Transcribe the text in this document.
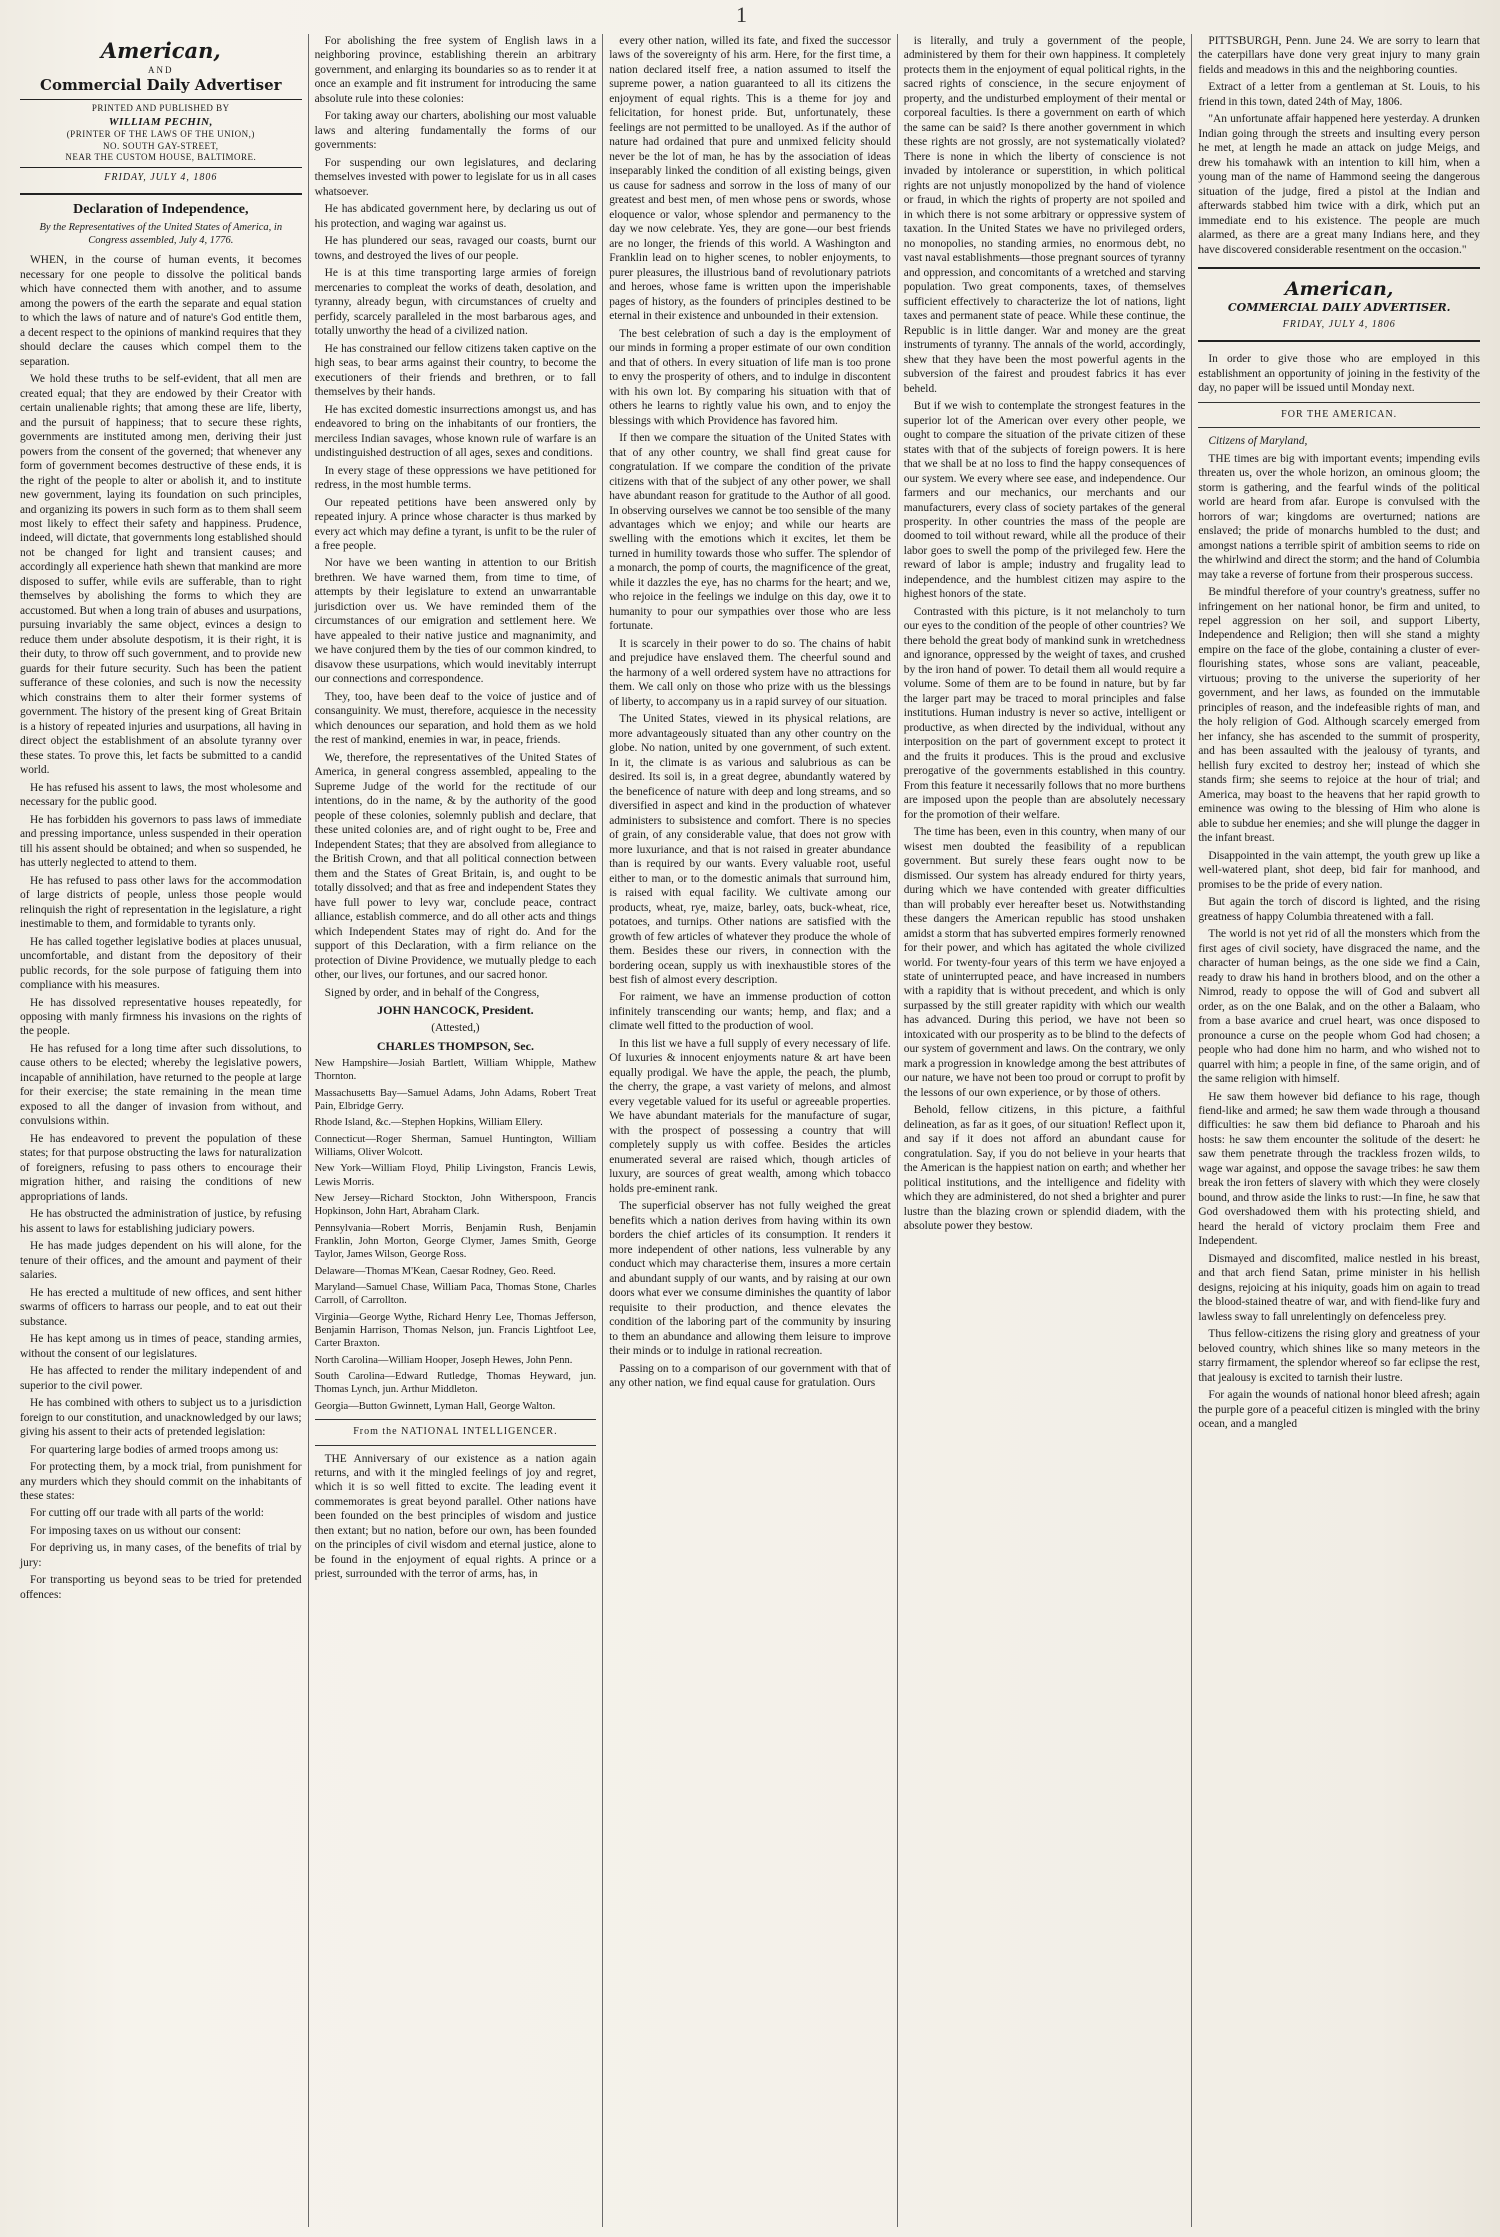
1
American,
AND
Commercial Daily Advertiser
PRINTED AND PUBLISHED BY
WILLIAM PECHIN,
(PRINTER OF THE LAWS OF THE UNION,)
NO. SOUTH GAY-STREET,
NEAR THE CUSTOM HOUSE, BALTIMORE.
FRIDAY, JULY 4, 1806
Declaration of Independence,
By the Representatives of the United States of America, in Congress assembled, July 4, 1776.

WHEN, in the course of human events, it becomes necessary for one people to dissolve the political bands which have connected them with another, and to assume among the powers of the earth the separate and equal station to which the laws of nature and of nature's God entitle them, a decent respect to the opinions of mankind requires that they should declare the causes which compel them to the separation.

We hold these truths to be self-evident, that all men are created equal; that they are endowed by their Creator with certain unalienable rights; that among these are life, liberty, and the pursuit of happiness; that to secure these rights, governments are instituted among men, deriving their just powers from the consent of the governed; that whenever any form of government becomes destructive of these ends, it is the right of the people to alter or abolish it, and to institute new government, laying its foundation on such principles, and organizing its powers in such form as to them shall seem most likely to effect their safety and happiness. Prudence, indeed, will dictate, that governments long established should not be changed for light and transient causes; and accordingly all experience hath shewn that mankind are more disposed to suffer, while evils are sufferable, than to right themselves by abolishing the forms to which they are accustomed. But when a long train of abuses and usurpations, pursuing invariably the same object, evinces a design to reduce them under absolute despotism, it is their right, it is their duty, to throw off such government, and to provide new guards for their future security. Such has been the patient sufferance of these colonies, and such is now the necessity which constrains them to alter their former systems of government. The history of the present king of Great Britain is a history of repeated injuries and usurpations, all having in direct object the establishment of an absolute tyranny over these states. To prove this, let facts be submitted to a candid world.

He has refused his assent to laws, the most wholesome and necessary for the public good.

He has forbidden his governors to pass laws of immediate and pressing importance, unless suspended in their operation till his assent should be obtained; and when so suspended, he has utterly neglected to attend to them.

He has refused to pass other laws for the accommodation of large districts of people, unless those people would relinquish the right of representation in the legislature, a right inestimable to them, and formidable to tyrants only.

He has called together legislative bodies at places unusual, uncomfortable, and distant from the depository of their public records, for the sole purpose of fatiguing them into compliance with his measures.

He has dissolved representative houses repeatedly, for opposing with manly firmness his invasions on the rights of the people.

He has refused for a long time after such dissolutions, to cause others to be elected; whereby the legislative powers, incapable of annihilation, have returned to the people at large for their exercise; the state remaining in the mean time exposed to all the danger of invasion from without, and convulsions within.

He has endeavored to prevent the population of these states; for that purpose obstructing the laws for naturalization of foreigners, refusing to pass others to encourage their migration hither, and raising the conditions of new appropriations of lands.

He has obstructed the administration of justice, by refusing his assent to laws for establishing judiciary powers.

He has made judges dependent on his will alone, for the tenure of their offices, and the amount and payment of their salaries.

He has erected a multitude of new offices, and sent hither swarms of officers to harrass our people, and to eat out their substance.

He has kept among us in times of peace, standing armies, without the consent of our legislatures.

He has affected to render the military independent of and superior to the civil power.

He has combined with others to subject us to a jurisdiction foreign to our constitution, and unacknowledged by our laws; giving his assent to their acts of pretended legislation:

For quartering large bodies of armed troops among us:

For protecting them, by a mock trial, from punishment for any murders which they should commit on the inhabitants of these states:

For cutting off our trade with all parts of the world:

For imposing taxes on us without our consent:

For depriving us, in many cases, of the benefits of trial by jury:

For transporting us beyond seas to be tried for pretended offences:

For abolishing the free system of English laws in a neighboring province, establishing therein an arbitrary government, and enlarging its boundaries so as to render it at once an example and fit instrument for introducing the same absolute rule into these colonies:

For taking away our charters, abolishing our most valuable laws and altering fundamentally the forms of our governments:

For suspending our own legislatures, and declaring themselves invested with power to legislate for us in all cases whatsoever.

He has abdicated government here, by declaring us out of his protection, and waging war against us.

He has plundered our seas, ravaged our coasts, burnt our towns, and destroyed the lives of our people.

He is at this time transporting large armies of foreign mercenaries to compleat the works of death, desolation, and tyranny, already begun, with circumstances of cruelty and perfidy, scarcely paralleled in the most barbarous ages, and totally unworthy the head of a civilized nation.

He has constrained our fellow citizens taken captive on the high seas, to bear arms against their country, to become the executioners of their friends and brethren, or to fall themselves by their hands.

He has excited domestic insurrections amongst us, and has endeavored to bring on the inhabitants of our frontiers, the merciless Indian savages, whose known rule of warfare is an undistinguished destruction of all ages, sexes and conditions.

In every stage of these oppressions we have petitioned for redress, in the most humble terms.

Our repeated petitions have been answered only by repeated injury. A prince whose character is thus marked by every act which may define a tyrant, is unfit to be the ruler of a free people.

Nor have we been wanting in attention to our British brethren. We have warned them, from time to time, of attempts by their legislature to extend an unwarrantable jurisdiction over us. We have reminded them of the circumstances of our emigration and settlement here. We have appealed to their native justice and magnanimity, and we have conjured them by the ties of our common kindred, to disavow these usurpations, which would inevitably interrupt our connections and correspondence.

They, too, have been deaf to the voice of justice and of consanguinity. We must, therefore, acquiesce in the necessity which denounces our separation, and hold them as we hold the rest of mankind, enemies in war, in peace, friends.

We, therefore, the representatives of the United States of America, in general congress assembled, appealing to the Supreme Judge of the world for the rectitude of our intentions, do in the name, & by the authority of the good people of these colonies, solemnly publish and declare, that these united colonies are, and of right ought to be, Free and Independent States; that they are absolved from allegiance to the British Crown, and that all political connection between them and the States of Great Britain, is, and ought to be totally dissolved; and that as free and independent States they have full power to levy war, conclude peace, contract alliance, establish commerce, and do all other acts and things which Independent States may of right do. And for the support of this Declaration, with a firm reliance on the protection of Divine Providence, we mutually pledge to each other, our lives, our fortunes, and our sacred honor.

Signed by order, and in behalf of the Congress,

JOHN HANCOCK, President.

(Attested,)

CHARLES THOMPSON, Sec.

New Hampshire—Josiah Bartlett, William Whipple, Mathew Thornton.

Massachusetts Bay—Samuel Adams, John Adams, Robert Treat Pain, Elbridge Gerry.

Rhode Island, &c.—Stephen Hopkins, William Ellery.

Connecticut—Roger Sherman, Samuel Huntington, William Williams, Oliver Wolcott.

New York—William Floyd, Philip Livingston, Francis Lewis, Lewis Morris.

New Jersey—Richard Stockton, John Witherspoon, Francis Hopkinson, John Hart, Abraham Clark.

Pennsylvania—Robert Morris, Benjamin Rush, Benjamin Franklin, John Morton, George Clymer, James Smith, George Taylor, James Wilson, George Ross.

Delaware—Thomas M'Kean, Caesar Rodney, Geo. Reed.

Maryland—Samuel Chase, William Paca, Thomas Stone, Charles Carroll, of Carrollton.

Virginia—George Wythe, Richard Henry Lee, Thomas Jefferson, Benjamin Harrison, Thomas Nelson, jun. Francis Lightfoot Lee, Carter Braxton.

North Carolina—William Hooper, Joseph Hewes, John Penn.

South Carolina—Edward Rutledge, Thomas Heyward, jun. Thomas Lynch, jun. Arthur Middleton.

Georgia—Button Gwinnett, Lyman Hall, George Walton.

From the NATIONAL INTELLIGENCER.

THE Anniversary of our existence as a nation again returns, and with it the mingled feelings of joy and regret, which it is so well fitted to excite. The leading event it commemorates is great beyond parallel. Other nations have been founded on the best principles of wisdom and justice then extant; but no nation, before our own, has been founded on the principles of civil wisdom and eternal justice, alone to be found in the enjoyment of equal rights. A prince or a priest, surrounded with the terror of arms, has, in

every other nation, willed its fate, and fixed the successor laws of the sovereignty of his arm. Here, for the first time, a nation declared itself free, a nation assumed to itself the supreme power, a nation guaranteed to all its citizens the enjoyment of equal rights. This is a theme for joy and felicitation, for honest pride. But, unfortunately, these feelings are not permitted to be unalloyed. As if the author of nature had ordained that pure and unmixed felicity should never be the lot of man, he has by the association of ideas inseparably linked the condition of all existing beings, given us cause for sadness and sorrow in the loss of many of our greatest and best men, of men whose pens or swords, whose eloquence or valor, whose splendor and permanency to the day we now celebrate. Yes, they are gone—our best friends are no longer, the friends of this world. A Washington and Franklin lead on to higher scenes, to nobler enjoyments, to purer pleasures, the illustrious band of revolutionary patriots and heroes, whose fame is written upon the imperishable pages of history, as the founders of principles destined to be eternal in their existence and unbounded in their extension.

The best celebration of such a day is the employment of our minds in forming a proper estimate of our own condition and that of others. In every situation of life man is too prone to envy the prosperity of others, and to indulge in discontent with his own lot. By comparing his situation with that of others he learns to rightly value his own, and to enjoy the blessings with which Providence has favored him.

If then we compare the situation of the United States with that of any other country, we shall find great cause for congratulation. If we compare the condition of the private citizens with that of the subject of any other power, we shall have abundant reason for gratitude to the Author of all good. In observing ourselves we cannot be too sensible of the many advantages which we enjoy; and while our hearts are swelling with the emotions which it excites, let them be turned in humility towards those who suffer. The splendor of a monarch, the pomp of courts, the magnificence of the great, while it dazzles the eye, has no charms for the heart; and we, who rejoice in the feelings we indulge on this day, owe it to humanity to pour our sympathies over those who are less fortunate.

It is scarcely in their power to do so. The chains of habit and prejudice have enslaved them. The cheerful sound and the harmony of a well ordered system have no attractions for them. We call only on those who prize with us the blessings of liberty, to accompany us in a rapid survey of our situation.

The United States, viewed in its physical relations, are more advantageously situated than any other country on the globe. No nation, united by one government, of such extent. In it, the climate is as various and salubrious as can be desired. Its soil is, in a great degree, abundantly watered by the beneficence of nature with deep and long streams, and so diversified in aspect and kind in the production of whatever administers to subsistence and comfort. There is no species of grain, of any considerable value, that does not grow with more luxuriance, and that is not raised in greater abundance than is required by our wants. Every valuable root, useful either to man, or to the domestic animals that surround him, is raised with equal facility. We cultivate among our products, wheat, rye, maize, barley, oats, buck-wheat, rice, potatoes, and turnips. Other nations are satisfied with the growth of few articles of whatever they produce the whole of them. Besides these our rivers, in connection with the bordering ocean, supply us with inexhaustible stores of the best fish of almost every description.

For raiment, we have an immense production of cotton infinitely transcending our wants; hemp, and flax; and a climate well fitted to the production of wool.

In this list we have a full supply of every necessary of life. Of luxuries & innocent enjoyments nature & art have been equally prodigal. We have the apple, the peach, the plumb, the cherry, the grape, a vast variety of melons, and almost every vegetable valued for its useful or agreeable properties. We have abundant materials for the manufacture of sugar, with the prospect of possessing a country that will completely supply us with coffee. Besides the articles enumerated several are raised which, though articles of luxury, are sources of great wealth, among which tobacco holds pre-eminent rank.

The superficial observer has not fully weighed the great benefits which a nation derives from having within its own borders the chief articles of its consumption. It renders it more independent of other nations, less vulnerable by any conduct which may characterise them, insures a more certain and abundant supply of our wants, and by raising at our own doors what ever we consume diminishes the quantity of labor requisite to their production, and thence elevates the condition of the laboring part of the community by insuring to them an abundance and allowing them leisure to improve their minds or to indulge in rational recreation.

Passing on to a comparison of our government with that of any other nation, we find equal cause for gratulation. Ours

is literally, and truly a government of the people, administered by them for their own happiness. It completely protects them in the enjoyment of equal political rights, in the sacred rights of conscience, in the secure enjoyment of property, and the undisturbed employment of their mental or corporeal faculties. Is there a government on earth of which the same can be said? Is there another government in which these rights are not grossly, are not systematically violated? There is none in which the liberty of conscience is not invaded by intolerance or superstition, in which political rights are not unjustly monopolized by the hand of violence or fraud, in which the rights of property are not spoiled and in which there is not some arbitrary or oppressive system of taxation. In the United States we have no privileged orders, no monopolies, no standing armies, no enormous debt, no vast naval establishments—those pregnant sources of tyranny and oppression, and concomitants of a wretched and starving population. Two great components, taxes, of themselves sufficient effectively to characterize the lot of nations, light taxes and permanent state of peace. While these continue, the Republic is in little danger. War and money are the great instruments of tyranny. The annals of the world, accordingly, shew that they have been the most powerful agents in the subversion of the fairest and proudest fabrics it has ever beheld.

But if we wish to contemplate the strongest features in the superior lot of the American over every other people, we ought to compare the situation of the private citizen of these states with that of the subjects of foreign powers. It is here that we shall be at no loss to find the happy consequences of our system. We every where see ease, and independence. Our farmers and our mechanics, our merchants and our manufacturers, every class of society partakes of the general prosperity. In other countries the mass of the people are doomed to toil without reward, while all the produce of their labor goes to swell the pomp of the privileged few. Here the reward of labor is ample; industry and frugality lead to independence, and the humblest citizen may aspire to the highest honors of the state.

Contrasted with this picture, is it not melancholy to turn our eyes to the condition of the people of other countries? We there behold the great body of mankind sunk in wretchedness and ignorance, oppressed by the weight of taxes, and crushed by the iron hand of power. To detail them all would require a volume. Some of them are to be found in nature, but by far the larger part may be traced to moral principles and false institutions. Human industry is never so active, intelligent or productive, as when directed by the individual, without any interposition on the part of government except to protect it and the fruits it produces. This is the proud and exclusive prerogative of the governments established in this country. From this feature it necessarily follows that no more burthens are imposed upon the people than are absolutely necessary for the promotion of their welfare.

The time has been, even in this country, when many of our wisest men doubted the feasibility of a republican government. But surely these fears ought now to be dismissed. Our system has already endured for thirty years, during which we have contended with greater difficulties than will probably ever hereafter beset us. Notwithstanding these dangers the American republic has stood unshaken amidst a storm that has subverted empires formerly renowned for their power, and which has agitated the whole civilized world. For twenty-four years of this term we have enjoyed a state of uninterrupted peace, and have increased in numbers with a rapidity that is without precedent, and which is only surpassed by the still greater rapidity with which our wealth has advanced. During this period, we have not been so intoxicated with our prosperity as to be blind to the defects of our system of government and laws. On the contrary, we only mark a progression in knowledge among the best attributes of our nature, we have not been too proud or corrupt to profit by the lessons of our own experience, or by those of others.

Behold, fellow citizens, in this picture, a faithful delineation, as far as it goes, of our situation! Reflect upon it, and say if it does not afford an abundant cause for congratulation. Say, if you do not believe in your hearts that the American is the happiest nation on earth; and whether her political institutions, and the intelligence and fidelity with which they are administered, do not shed a brighter and purer lustre than the blazing crown or splendid diadem, with the absolute power they bestow.

PITTSBURGH, Penn. June 24. We are sorry to learn that the caterpillars have done very great injury to many grain fields and meadows in this and the neighboring counties.

Extract of a letter from a gentleman at St. Louis, to his friend in this town, dated 24th of May, 1806.

"An unfortunate affair happened here yesterday. A drunken Indian going through the streets and insulting every person he met, at length he made an attack on judge Meigs, and drew his tomahawk with an intention to kill him, when a young man of the name of Hammond seeing the dangerous situation of the judge, fired a pistol at the Indian and afterwards stabbed him twice with a dirk, which put an immediate end to his existence. The people are much alarmed, as there are a great many Indians here, and they have discovered considerable resentment on the occasion."

American,
COMMERCIAL DAILY ADVERTISER.
FRIDAY, JULY 4, 1806

In order to give those who are employed in this establishment an opportunity of joining in the festivity of the day, no paper will be issued until Monday next.

FOR THE AMERICAN.

Citizens of Maryland,

THE times are big with important events; impending evils threaten us, over the whole horizon, an ominous gloom; the storm is gathering, and the fearful winds of the political world are heard from afar. Europe is convulsed with the horrors of war; kingdoms are overturned; nations are enslaved; the pride of monarchs humbled to the dust; and amongst nations a terrible spirit of ambition seems to ride on the whirlwind and direct the storm; and the hand of Columbia may take a reverse of fortune from their prosperous success.

Be mindful therefore of your country's greatness, suffer no infringement on her national honor, be firm and united, to repel aggression on her soil, and support Liberty, Independence and Religion; then will she stand a mighty empire on the face of the globe, containing a cluster of ever-flourishing states, whose sons are valiant, peaceable, virtuous; proving to the universe the superiority of her government, and her laws, as founded on the immutable principles of reason, and the indefeasible rights of man, and the holy religion of God. Although scarcely emerged from her infancy, she has ascended to the summit of prosperity, and has been assaulted with the jealousy of tyrants, and hellish fury excited to destroy her; instead of which she stands firm; she seems to rejoice at the hour of trial; and America, may boast to the heavens that her rapid growth to eminence was owing to the blessing of Him who alone is able to subdue her enemies; and she will plunge the dagger in the infant breast.

Disappointed in the vain attempt, the youth grew up like a well-watered plant, shot deep, bid fair for manhood, and promises to be the pride of every nation.

But again the torch of discord is lighted, and the rising greatness of happy Columbia threatened with a fall.

The world is not yet rid of all the monsters which from the first ages of civil society, have disgraced the name, and the character of human beings, as the one side we find a Cain, ready to draw his hand in brothers blood, and on the other a Nimrod, ready to oppose the will of God and subvert all order, as on the one Balak, and on the other a Balaam, who from a base avarice and cruel heart, was once disposed to pronounce a curse on the people whom God had chosen; a people who had done him no harm, and who wished not to quarrel with him; a people in fine, of the same origin, and of the same religion with himself.

He saw them however bid defiance to his rage, though fiend-like and armed; he saw them wade through a thousand difficulties: he saw them bid defiance to Pharoah and his hosts: he saw them encounter the solitude of the desert: he saw them penetrate through the trackless frozen wilds, to wage war against, and oppose the savage tribes: he saw them break the iron fetters of slavery with which they were closely bound, and throw aside the links to rust:—In fine, he saw that God overshadowed them with his protecting shield, and heard the herald of victory proclaim them Free and Independent.

Dismayed and discomfited, malice nestled in his breast, and that arch fiend Satan, prime minister in his hellish designs, rejoicing at his iniquity, goads him on again to tread the blood-stained theatre of war, and with fiend-like fury and lawless sway to fall unrelentingly on defenceless prey.

Thus fellow-citizens the rising glory and greatness of your beloved country, which shines like so many meteors in the starry firmament, the splendor whereof so far eclipse the rest, that jealousy is excited to tarnish their lustre.

For again the wounds of national honor bleed afresh; again the purple gore of a peaceful citizen is mingled with the briny ocean, and a mangled
